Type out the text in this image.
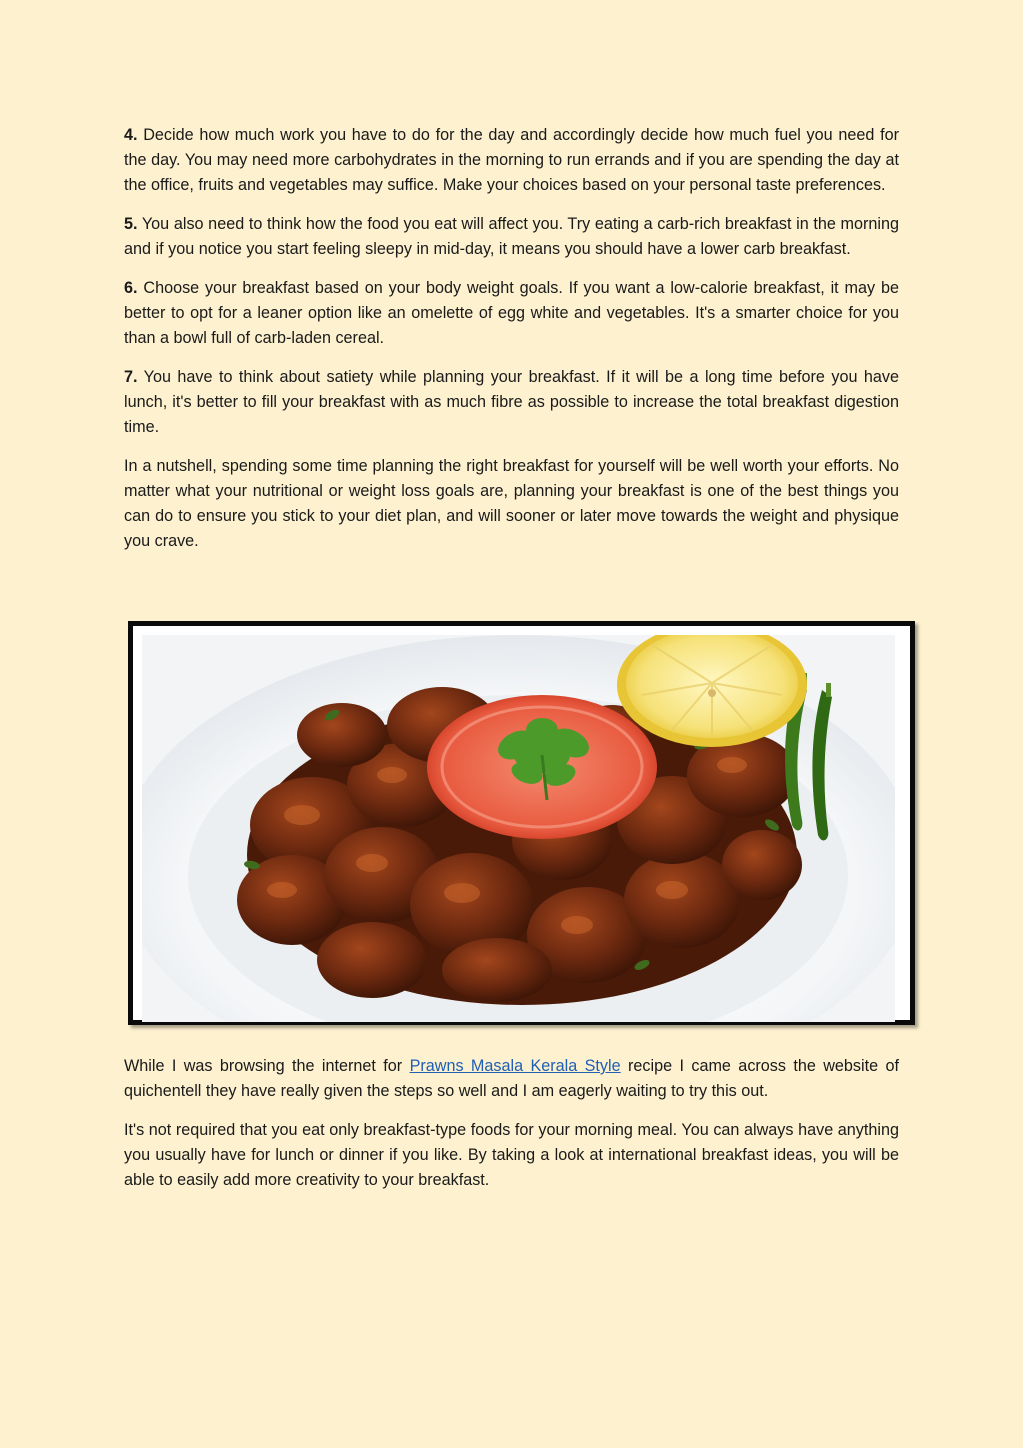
4. Decide how much work you have to do for the day and accordingly decide how much fuel you need for the day. You may need more carbohydrates in the morning to run errands and if you are spending the day at the office, fruits and vegetables may suffice. Make your choices based on your personal taste preferences.

5. You also need to think how the food you eat will affect you. Try eating a carb-rich breakfast in the morning and if you notice you start feeling sleepy in mid-day, it means you should have a lower carb breakfast.

6. Choose your breakfast based on your body weight goals. If you want a low-calorie breakfast, it may be better to opt for a leaner option like an omelette of egg white and vegetables. It's a smarter choice for you than a bowl full of carb-laden cereal.

7. You have to think about satiety while planning your breakfast. If it will be a long time before you have lunch, it's better to fill your breakfast with as much fibre as possible to increase the total breakfast digestion time.

In a nutshell, spending some time planning the right breakfast for yourself will be well worth your efforts. No matter what your nutritional or weight loss goals are, planning your breakfast is one of the best things you can do to ensure you stick to your diet plan, and will sooner or later move towards the weight and physique you crave.

While I was browsing the internet for Prawns Masala Kerala Style recipe I came across the website of quichentell they have really given the steps so well and I am eagerly waiting to try this out.

It's not required that you eat only breakfast-type foods for your morning meal. You can always have anything you usually have for lunch or dinner if you like. By taking a look at international breakfast ideas, you will be able to easily add more creativity to your breakfast.
